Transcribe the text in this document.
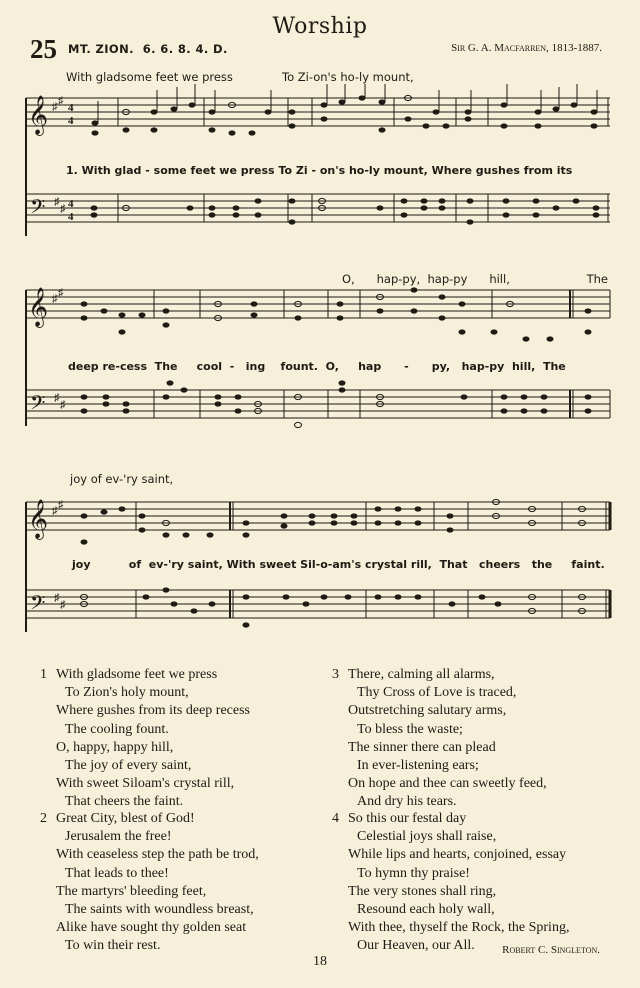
Worship
25 MT. ZION. 6. 6. 8. 4. D.	Sir G. A. Macfarren, 1813-1887.
With gladsome feet we press	To Zi-on's ho-ly mount,
1. With glad - some feet we press To Zi - on's ho-ly mount, Where gushes from its
O,      hap-py,  hap-py      hill,                     The
deep re-cess  The     cool  -   ing    fount.  O,     hap      -      py,   hap-py  hill,  The
joy of ev-'ry saint,
joy          of  ev-'ry saint, With sweet Sil-o-am's crystal rill,  That   cheers   the     faint.
𝄞 ♯ ♯
4
4
𝄢 ♯
♯ 4
4
𝄞 ♯ ♯
𝄢 ♯
♯
𝄞 ♯ ♯
𝄢 ♯
♯
1 With gladsome feet we press
To Zion's holy mount,
Where gushes from its deep recess
The cooling fount.
O, happy, happy hill,
The joy of every saint,
With sweet Siloam's crystal rill,
That cheers the faint.
2 Great City, blest of God!
Jerusalem the free!
With ceaseless step the path be trod,
That leads to thee!
The martyrs' bleeding feet,
The saints with woundless breast,
Alike have sought thy golden seat
To win their rest.
3 There, calming all alarms,
Thy Cross of Love is traced,
Outstretching salutary arms,
To bless the waste;
The sinner there can plead
In ever-listening ears;
On hope and thee can sweetly feed,
And dry his tears.
4 So this our festal day
Celestial joys shall raise,
While lips and hearts, conjoined, essay
To hymn thy praise!
The very stones shall ring,
Resound each holy wall,
With thee, thyself the Rock, the Spring,
Our Heaven, our All.	Robert C. Singleton.
18
